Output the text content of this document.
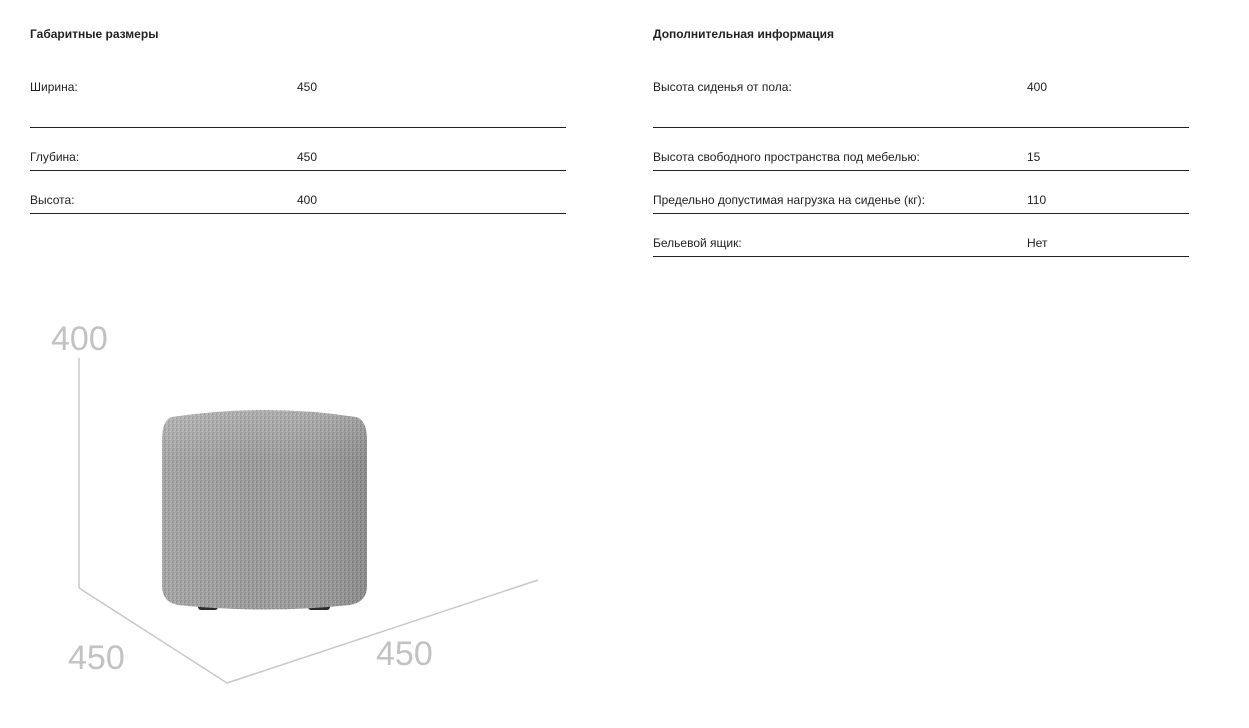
Габаритные размеры
Ширина:	450
Глубина:	450
Высота:	400
Дополнительная информация
Высота сиденья от пола:	400
Высота свободного пространства под мебелью:	15
Предельно допустимая нагрузка на сиденье (кг):	110
Бельевой ящик:	Нет
400
450	450
